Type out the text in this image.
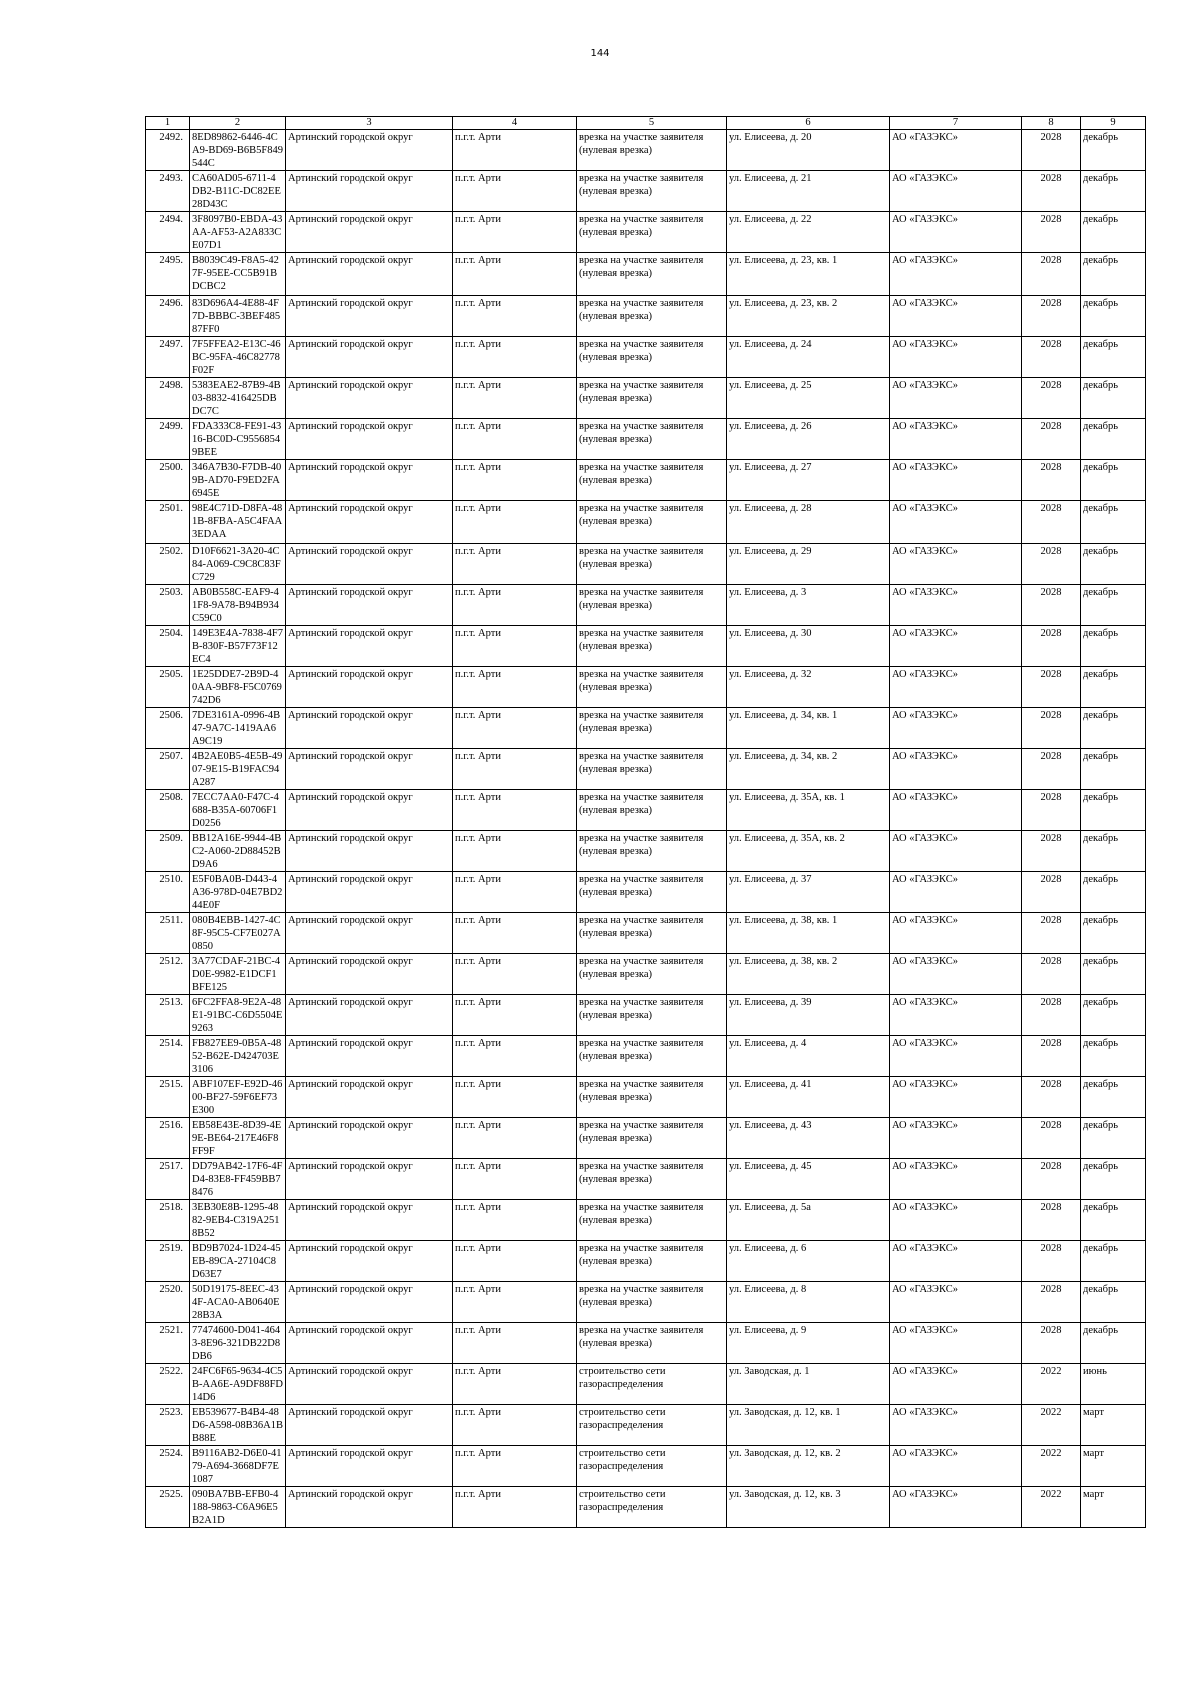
144
1	2	3	4	5	6	7	8	9
2492.	8ED89862-6446-4CA9-BD69-B6B5F849544C	Артинский городской округ	п.г.т. Арти	врезка на участке заявителя (нулевая врезка)	ул. Елисеева, д. 20	АО «ГАЗЭКС»	2028	декабрь
2493.	CA60AD05-6711-4DB2-B11C-DC82EE28D43C	Артинский городской округ	п.г.т. Арти	врезка на участке заявителя (нулевая врезка)	ул. Елисеева, д. 21	АО «ГАЗЭКС»	2028	декабрь
2494.	3F8097B0-EBDA-43AA-AF53-A2A833CE07D1	Артинский городской округ	п.г.т. Арти	врезка на участке заявителя (нулевая врезка)	ул. Елисеева, д. 22	АО «ГАЗЭКС»	2028	декабрь
2495.	B8039C49-F8A5-427F-95EE-CC5B91BDCBC2	Артинский городской округ	п.г.т. Арти	врезка на участке заявителя (нулевая врезка)	ул. Елисеева, д. 23, кв. 1	АО «ГАЗЭКС»	2028	декабрь
2496.	83D696A4-4E88-4F7D-BBBC-3BEF48587FF0	Артинский городской округ	п.г.т. Арти	врезка на участке заявителя (нулевая врезка)	ул. Елисеева, д. 23, кв. 2	АО «ГАЗЭКС»	2028	декабрь
2497.	7F5FFEA2-E13C-46BC-95FA-46C82778F02F	Артинский городской округ	п.г.т. Арти	врезка на участке заявителя (нулевая врезка)	ул. Елисеева, д. 24	АО «ГАЗЭКС»	2028	декабрь
2498.	5383EAE2-87B9-4B03-8832-416425DBDC7C	Артинский городской округ	п.г.т. Арти	врезка на участке заявителя (нулевая врезка)	ул. Елисеева, д. 25	АО «ГАЗЭКС»	2028	декабрь
2499.	FDA333C8-FE91-4316-BC0D-C95568549BEE	Артинский городской округ	п.г.т. Арти	врезка на участке заявителя (нулевая врезка)	ул. Елисеева, д. 26	АО «ГАЗЭКС»	2028	декабрь
2500.	346A7B30-F7DB-409B-AD70-F9ED2FA6945E	Артинский городской округ	п.г.т. Арти	врезка на участке заявителя (нулевая врезка)	ул. Елисеева, д. 27	АО «ГАЗЭКС»	2028	декабрь
2501.	98E4C71D-D8FA-481B-8FBA-A5C4FAA3EDAA	Артинский городской округ	п.г.т. Арти	врезка на участке заявителя (нулевая врезка)	ул. Елисеева, д. 28	АО «ГАЗЭКС»	2028	декабрь
2502.	D10F6621-3A20-4C84-A069-C9C8C83FC729	Артинский городской округ	п.г.т. Арти	врезка на участке заявителя (нулевая врезка)	ул. Елисеева, д. 29	АО «ГАЗЭКС»	2028	декабрь
2503.	AB0B558C-EAF9-41F8-9A78-B94B934C59C0	Артинский городской округ	п.г.т. Арти	врезка на участке заявителя (нулевая врезка)	ул. Елисеева, д. 3	АО «ГАЗЭКС»	2028	декабрь
2504.	149E3E4A-7838-4F7B-830F-B57F73F12EC4	Артинский городской округ	п.г.т. Арти	врезка на участке заявителя (нулевая врезка)	ул. Елисеева, д. 30	АО «ГАЗЭКС»	2028	декабрь
2505.	1E25DDE7-2B9D-40AA-9BF8-F5C0769742D6	Артинский городской округ	п.г.т. Арти	врезка на участке заявителя (нулевая врезка)	ул. Елисеева, д. 32	АО «ГАЗЭКС»	2028	декабрь
2506.	7DE3161A-0996-4B47-9A7C-1419AA6A9C19	Артинский городской округ	п.г.т. Арти	врезка на участке заявителя (нулевая врезка)	ул. Елисеева, д. 34, кв. 1	АО «ГАЗЭКС»	2028	декабрь
2507.	4B2AE0B5-4E5B-4907-9E15-B19FAC94A287	Артинский городской округ	п.г.т. Арти	врезка на участке заявителя (нулевая врезка)	ул. Елисеева, д. 34, кв. 2	АО «ГАЗЭКС»	2028	декабрь
2508.	7ECC7AA0-F47C-4688-B35A-60706F1D0256	Артинский городской округ	п.г.т. Арти	врезка на участке заявителя (нулевая врезка)	ул. Елисеева, д. 35А, кв. 1	АО «ГАЗЭКС»	2028	декабрь
2509.	BB12A16E-9944-4BC2-A060-2D88452BD9A6	Артинский городской округ	п.г.т. Арти	врезка на участке заявителя (нулевая врезка)	ул. Елисеева, д. 35А, кв. 2	АО «ГАЗЭКС»	2028	декабрь
2510.	E5F0BA0B-D443-4A36-978D-04E7BD244E0F	Артинский городской округ	п.г.т. Арти	врезка на участке заявителя (нулевая врезка)	ул. Елисеева, д. 37	АО «ГАЗЭКС»	2028	декабрь
2511.	080B4EBB-1427-4C8F-95C5-CF7E027A0850	Артинский городской округ	п.г.т. Арти	врезка на участке заявителя (нулевая врезка)	ул. Елисеева, д. 38, кв. 1	АО «ГАЗЭКС»	2028	декабрь
2512.	3A77CDAF-21BC-4D0E-9982-E1DCF1BFE125	Артинский городской округ	п.г.т. Арти	врезка на участке заявителя (нулевая врезка)	ул. Елисеева, д. 38, кв. 2	АО «ГАЗЭКС»	2028	декабрь
2513.	6FC2FFA8-9E2A-48E1-91BC-C6D5504E9263	Артинский городской округ	п.г.т. Арти	врезка на участке заявителя (нулевая врезка)	ул. Елисеева, д. 39	АО «ГАЗЭКС»	2028	декабрь
2514.	FB827EE9-0B5A-4852-B62E-D424703E3106	Артинский городской округ	п.г.т. Арти	врезка на участке заявителя (нулевая врезка)	ул. Елисеева, д. 4	АО «ГАЗЭКС»	2028	декабрь
2515.	ABF107EF-E92D-4600-BF27-59F6EF73E300	Артинский городской округ	п.г.т. Арти	врезка на участке заявителя (нулевая врезка)	ул. Елисеева, д. 41	АО «ГАЗЭКС»	2028	декабрь
2516.	EB58E43E-8D39-4E9E-BE64-217E46F8FF9F	Артинский городской округ	п.г.т. Арти	врезка на участке заявителя (нулевая врезка)	ул. Елисеева, д. 43	АО «ГАЗЭКС»	2028	декабрь
2517.	DD79AB42-17F6-4FD4-83E8-FF459BB78476	Артинский городской округ	п.г.т. Арти	врезка на участке заявителя (нулевая врезка)	ул. Елисеева, д. 45	АО «ГАЗЭКС»	2028	декабрь
2518.	3EB30E8B-1295-4882-9EB4-C319A2518B52	Артинский городской округ	п.г.т. Арти	врезка на участке заявителя (нулевая врезка)	ул. Елисеева, д. 5а	АО «ГАЗЭКС»	2028	декабрь
2519.	BD9B7024-1D24-45EB-89CA-27104C8D63E7	Артинский городской округ	п.г.т. Арти	врезка на участке заявителя (нулевая врезка)	ул. Елисеева, д. 6	АО «ГАЗЭКС»	2028	декабрь
2520.	50D19175-8EEC-434F-ACA0-AB0640E28B3A	Артинский городской округ	п.г.т. Арти	врезка на участке заявителя (нулевая врезка)	ул. Елисеева, д. 8	АО «ГАЗЭКС»	2028	декабрь
2521.	77474600-D041-4643-8E96-321DB22D8DB6	Артинский городской округ	п.г.т. Арти	врезка на участке заявителя (нулевая врезка)	ул. Елисеева, д. 9	АО «ГАЗЭКС»	2028	декабрь
2522.	24FC6F65-9634-4C5B-AA6E-A9DF88FD14D6	Артинский городской округ	п.г.т. Арти	строительство сети газораспределения	ул. Заводская, д. 1	АО «ГАЗЭКС»	2022	июнь
2523.	EB539677-B4B4-48D6-A598-08B36A1BB88E	Артинский городской округ	п.г.т. Арти	строительство сети газораспределения	ул. Заводская, д. 12, кв. 1	АО «ГАЗЭКС»	2022	март
2524.	B9116AB2-D6E0-4179-A694-3668DF7E1087	Артинский городской округ	п.г.т. Арти	строительство сети газораспределения	ул. Заводская, д. 12, кв. 2	АО «ГАЗЭКС»	2022	март
2525.	090BA7BB-EFB0-4188-9863-C6A96E5B2A1D	Артинский городской округ	п.г.т. Арти	строительство сети газораспределения	ул. Заводская, д. 12, кв. 3	АО «ГАЗЭКС»	2022	март
